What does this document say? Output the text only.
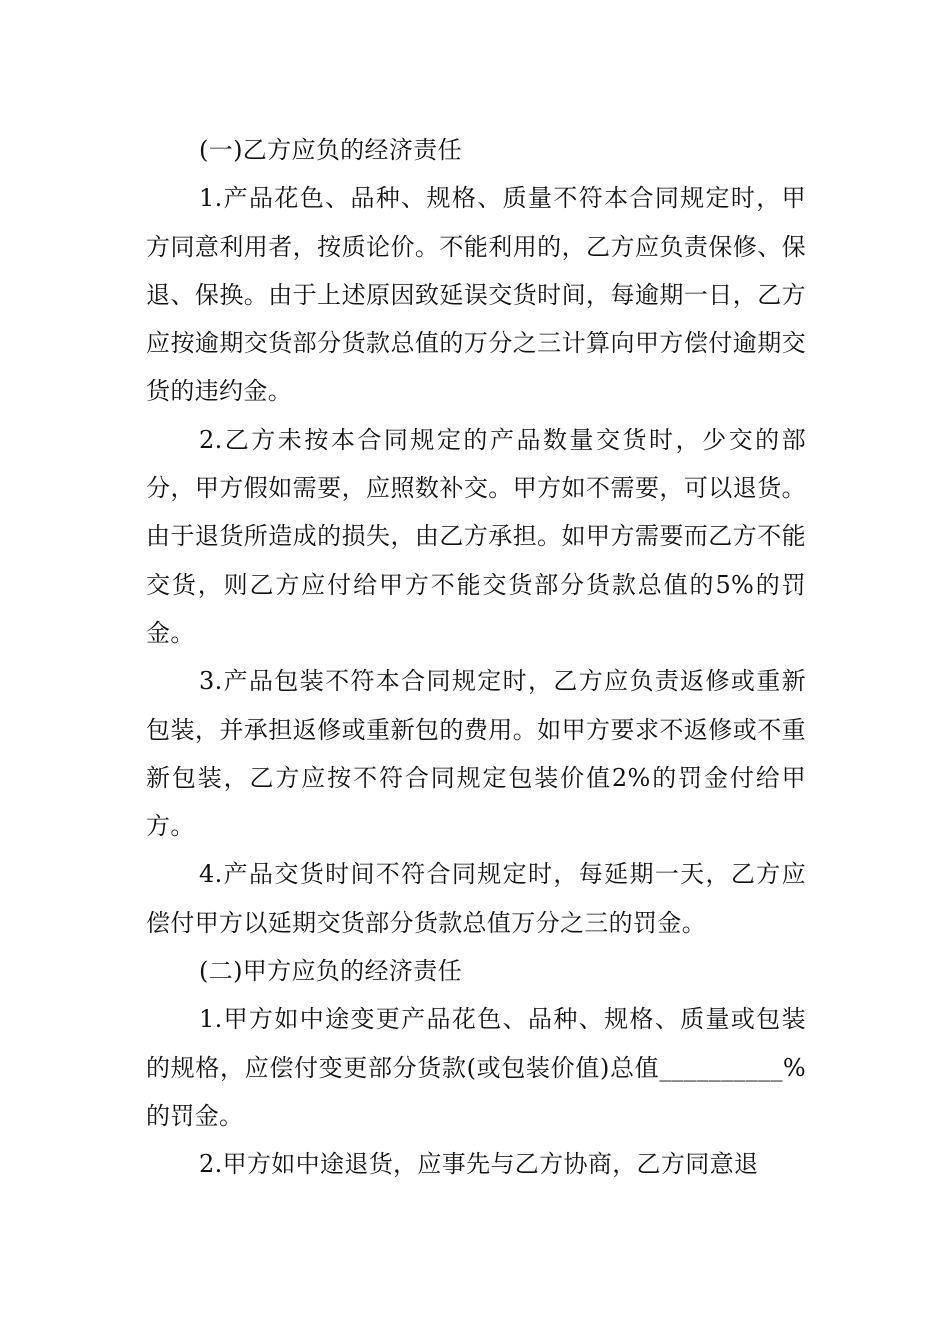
(一)乙方应负的经济责任

1.产品花色、品种、规格、质量不符本合同规定时，甲方同意利用者，按质论价。不能利用的，乙方应负责保修、保退、保换。由于上述原因致延误交货时间，每逾期一日，乙方应按逾期交货部分货款总值的万分之三计算向甲方偿付逾期交货的违约金。

2.乙方未按本合同规定的产品数量交货时，少交的部分，甲方假如需要，应照数补交。甲方如不需要，可以退货。由于退货所造成的损失，由乙方承担。如甲方需要而乙方不能交货，则乙方应付给甲方不能交货部分货款总值的5%的罚金。

3.产品包装不符本合同规定时，乙方应负责返修或重新包装，并承担返修或重新包的费用。如甲方要求不返修或不重新包装，乙方应按不符合同规定包装价值2%的罚金付给甲方。

4.产品交货时间不符合同规定时，每延期一天，乙方应偿付甲方以延期交货部分货款总值万分之三的罚金。

(二)甲方应负的经济责任

1.甲方如中途变更产品花色、品种、规格、质量或包装的规格，应偿付变更部分货款(或包装价值)总值__________%的罚金。

2.甲方如中途退货，应事先与乙方协商，乙方同意退
